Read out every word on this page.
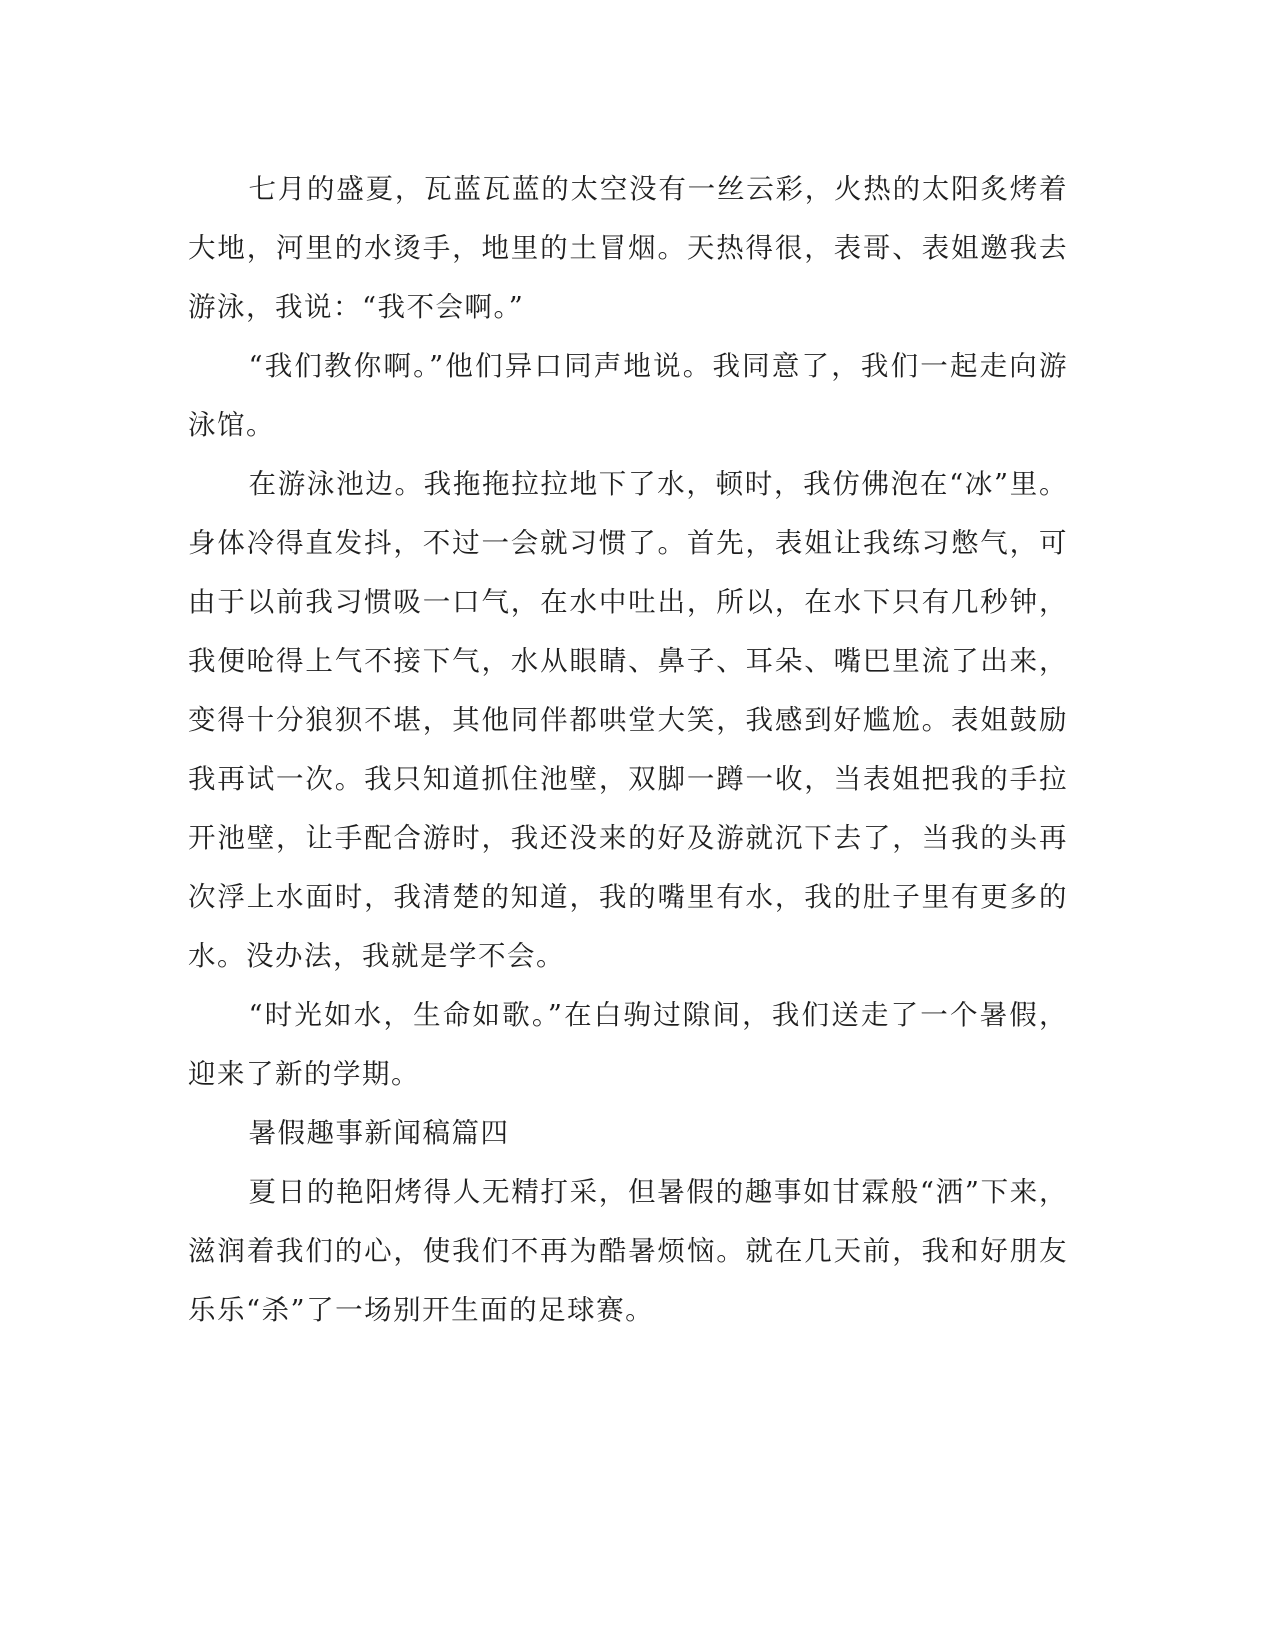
七月的盛夏，瓦蓝瓦蓝的太空没有一丝云彩，火热的太阳炙烤着大地，河里的水烫手，地里的土冒烟。天热得很，表哥、表姐邀我去游泳，我说：“我不会啊。”

“我们教你啊。”他们异口同声地说。我同意了，我们一起走向游泳馆。

在游泳池边。我拖拖拉拉地下了水，顿时，我仿佛泡在“冰”里。身体冷得直发抖，不过一会就习惯了。首先，表姐让我练习憋气，可由于以前我习惯吸一口气，在水中吐出，所以，在水下只有几秒钟，我便呛得上气不接下气，水从眼睛、鼻子、耳朵、嘴巴里流了出来，变得十分狼狈不堪，其他同伴都哄堂大笑，我感到好尴尬。表姐鼓励我再试一次。我只知道抓住池壁，双脚一蹲一收，当表姐把我的手拉开池壁，让手配合游时，我还没来的好及游就沉下去了，当我的头再次浮上水面时，我清楚的知道，我的嘴里有水，我的肚子里有更多的水。没办法，我就是学不会。

“时光如水，生命如歌。”在白驹过隙间，我们送走了一个暑假，迎来了新的学期。

暑假趣事新闻稿篇四

夏日的艳阳烤得人无精打采，但暑假的趣事如甘霖般“洒”下来，滋润着我们的心，使我们不再为酷暑烦恼。就在几天前，我和好朋友乐乐“杀”了一场别开生面的足球赛。
